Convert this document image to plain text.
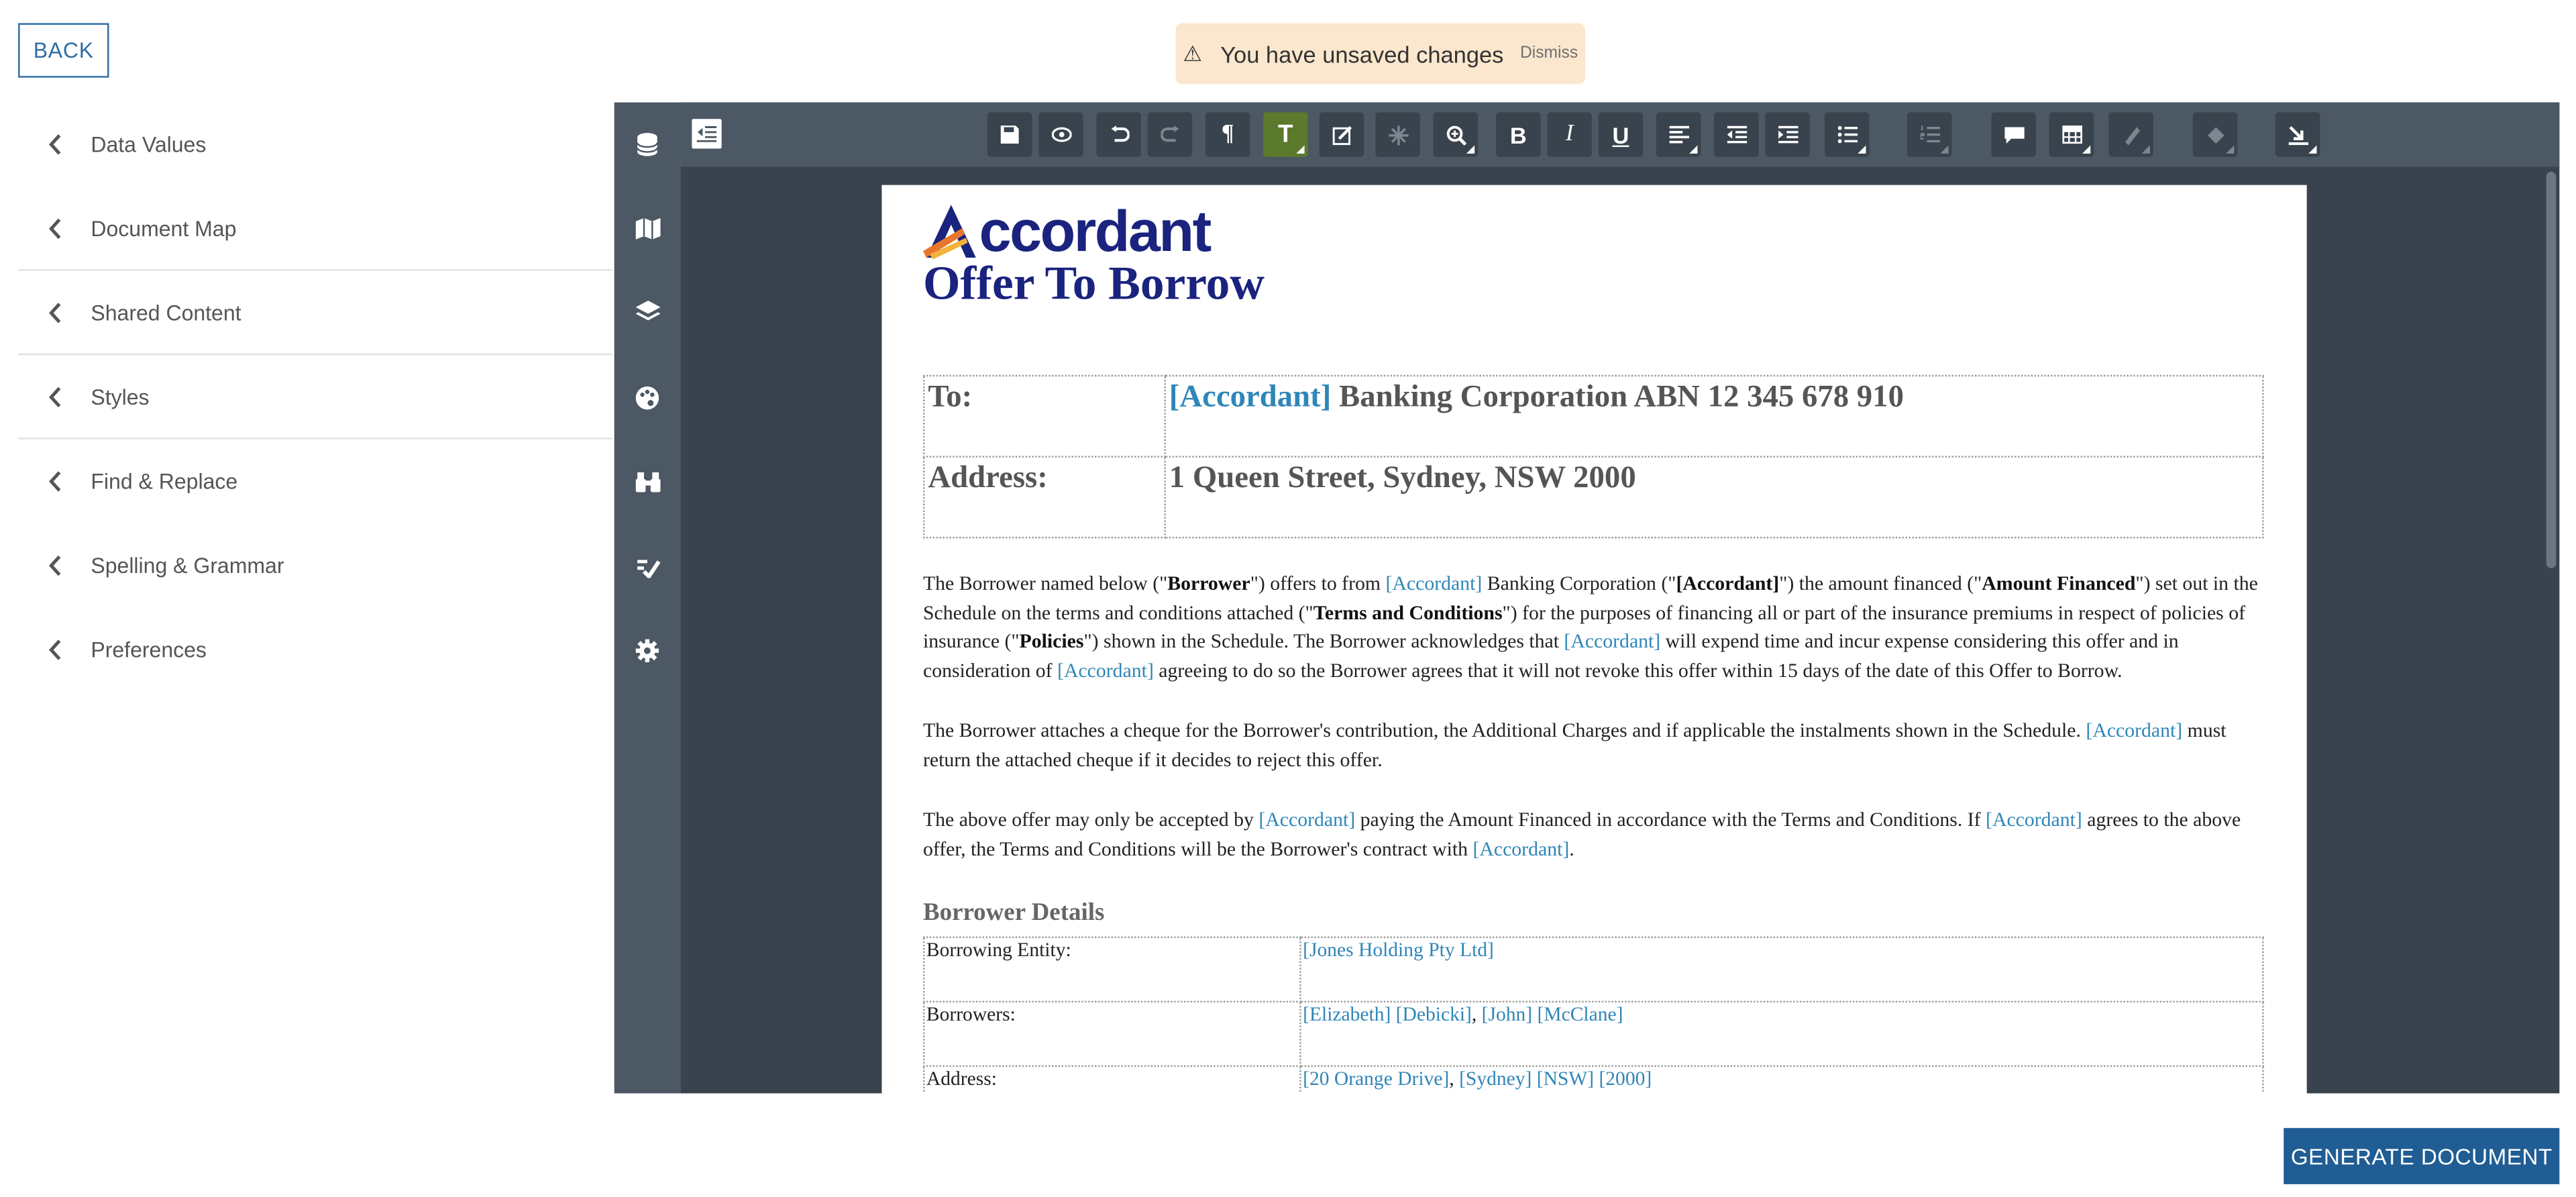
BACK	⚠ You have unsaved changes Dismiss
Data Values
Document Map
Shared Content
Styles
Find & Replace
Spelling & Grammar
Preferences
¶	T	B	I	U
ccordant
Offer To Borrow
To:	[Accordant] Banking Corporation ABN 12 345 678 910
Address:	1 Queen Street, Sydney, NSW 2000

The Borrower named below ("Borrower") offers to from [Accordant] Banking Corporation ("[Accordant]") the amount financed ("Amount Financed") set out in the Schedule on the terms and conditions attached ("Terms and Conditions") for the purposes of financing all or part of the insurance premiums in respect of policies of insurance ("Policies") shown in the Schedule. The Borrower acknowledges that [Accordant] will expend time and incur expense considering this offer and in consideration of [Accordant] agreeing to do so the Borrower agrees that it will not revoke this offer within 15 days of the date of this Offer to Borrow.

The Borrower attaches a cheque for the Borrower's contribution, the Additional Charges and if applicable the instalments shown in the Schedule. [Accordant] must return the attached cheque if it decides to reject this offer.

The above offer may only be accepted by [Accordant] paying the Amount Financed in accordance with the Terms and Conditions. If [Accordant] agrees to the above offer, the Terms and Conditions will be the Borrower's contract with [Accordant].

Borrower Details
Borrowing Entity:	[Jones Holding Pty Ltd]
Borrowers:	[Elizabeth] [Debicki], [John] [McClane]
Address:	[20 Orange Drive], [Sydney] [NSW] [2000]
GENERATE DOCUMENT
